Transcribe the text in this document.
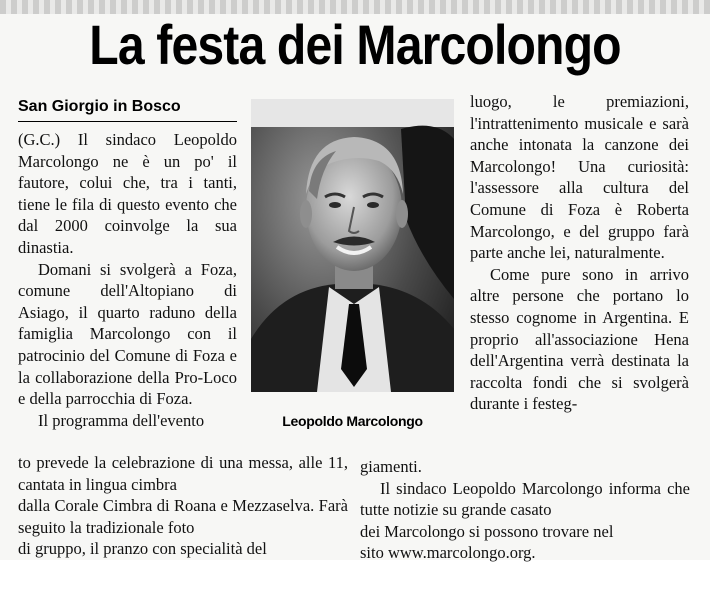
La festa dei Marcolongo
San Giorgio in Bosco

(G.C.) Il sindaco Leopoldo Marcolongo ne è un po' il fautore, colui che, tra i tanti, tiene le fila di questo evento che dal 2000 coinvolge la sua dinastia.

Domani si svolgerà a Foza, comune dell'Altopiano di Asiago, il quarto raduno della famiglia Marcolongo con il patrocinio del Comune di Foza e la collaborazione della Pro-Loco e della parrocchia di Foza.

Il programma dell'evento	Leopoldo Marcolongo

luogo, le premiazioni, l'intrattenimento musicale e sarà anche intonata la canzone dei Marcolongo! Una curiosità: l'assessore alla cultura del Comune di Foza è Roberta Marcolongo, e del gruppo farà parte anche lei, naturalmente.

Come pure sono in arrivo altre persone che portano lo stesso cognome in Argentina. E proprio all'associazione Hena dell'Argentina verrà destinata la raccolta fondi che si svolgerà durante i festeg-

to prevede la celebrazione di una messa, alle 11, cantata in lingua cimbra
dalla Corale Cimbra di Roana e Mezzaselva. Farà seguito la tradizionale foto
di gruppo, il pranzo con specialità del
giamenti.
Il sindaco Leopoldo Marcolongo informa che tutte notizie su grande casato
dei Marcolongo si possono trovare nel
sito www.marcolongo.org.
